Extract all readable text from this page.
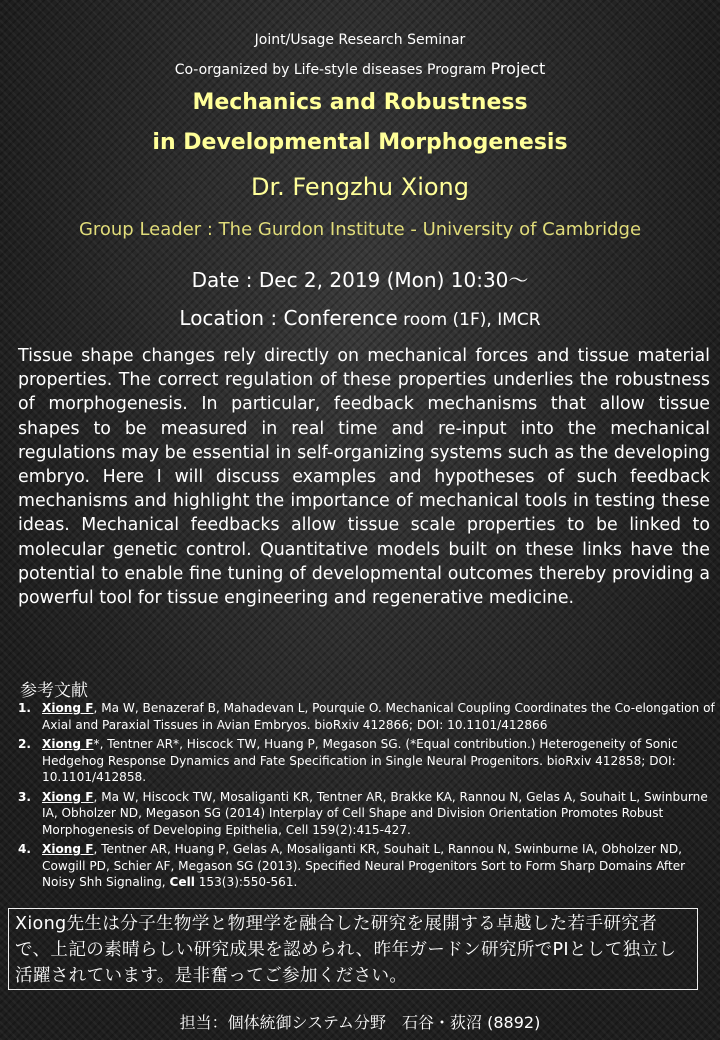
Joint/Usage Research Seminar
Co-organized by Life-style diseases Program Project
Mechanics and Robustness
in Developmental Morphogenesis
Dr. Fengzhu Xiong
Group Leader : The Gurdon Institute - University of Cambridge
Date : Dec 2, 2019 (Mon) 10:30～
Location : Conference room (1F), IMCR
Tissue shape changes rely directly on mechanical forces and tissue material properties. The correct regulation of these properties underlies the robustness of morphogenesis. In particular, feedback mechanisms that allow tissue shapes to be measured in real time and re-input into the mechanical regulations may be essential in self-organizing systems such as the developing embryo. Here I will discuss examples and hypotheses of such feedback mechanisms and highlight the importance of mechanical tools in testing these ideas. Mechanical feedbacks allow tissue scale properties to be linked to molecular genetic control. Quantitative models built on these links have the potential to enable fine tuning of developmental outcomes thereby providing a powerful tool for tissue engineering and regenerative medicine.
参考文献
1. Xiong F, Ma W, Benazeraf B, Mahadevan L, Pourquie O. Mechanical Coupling Coordinates the Co-elongation of Axial and Paraxial Tissues in Avian Embryos. bioRxiv 412866; DOI: 10.1101/412866
2. Xiong F*, Tentner AR*, Hiscock TW, Huang P, Megason SG. (*Equal contribution.) Heterogeneity of Sonic Hedgehog Response Dynamics and Fate Specification in Single Neural Progenitors. bioRxiv 412858; DOI: 10.1101/412858.
3. Xiong F, Ma W, Hiscock TW, Mosaliganti KR, Tentner AR, Brakke KA, Rannou N, Gelas A, Souhait L, Swinburne IA, Obholzer ND, Megason SG (2014) Interplay of Cell Shape and Division Orientation Promotes Robust Morphogenesis of Developing Epithelia, Cell 159(2):415-427.
4. Xiong F, Tentner AR, Huang P, Gelas A, Mosaliganti KR, Souhait L, Rannou N, Swinburne IA, Obholzer ND, Cowgill PD, Schier AF, Megason SG (2013). Specified Neural Progenitors Sort to Form Sharp Domains After Noisy Shh Signaling, Cell 153(3):550-561.
Xiong先生は分子生物学と物理学を融合した研究を展開する卓越した若手研究者で、上記の素晴らしい研究成果を認められ、昨年ガードン研究所でPIとして独立し活躍されています。是非奮ってご参加ください。
担当：個体統御システム分野　石谷・荻沼 (8892)
